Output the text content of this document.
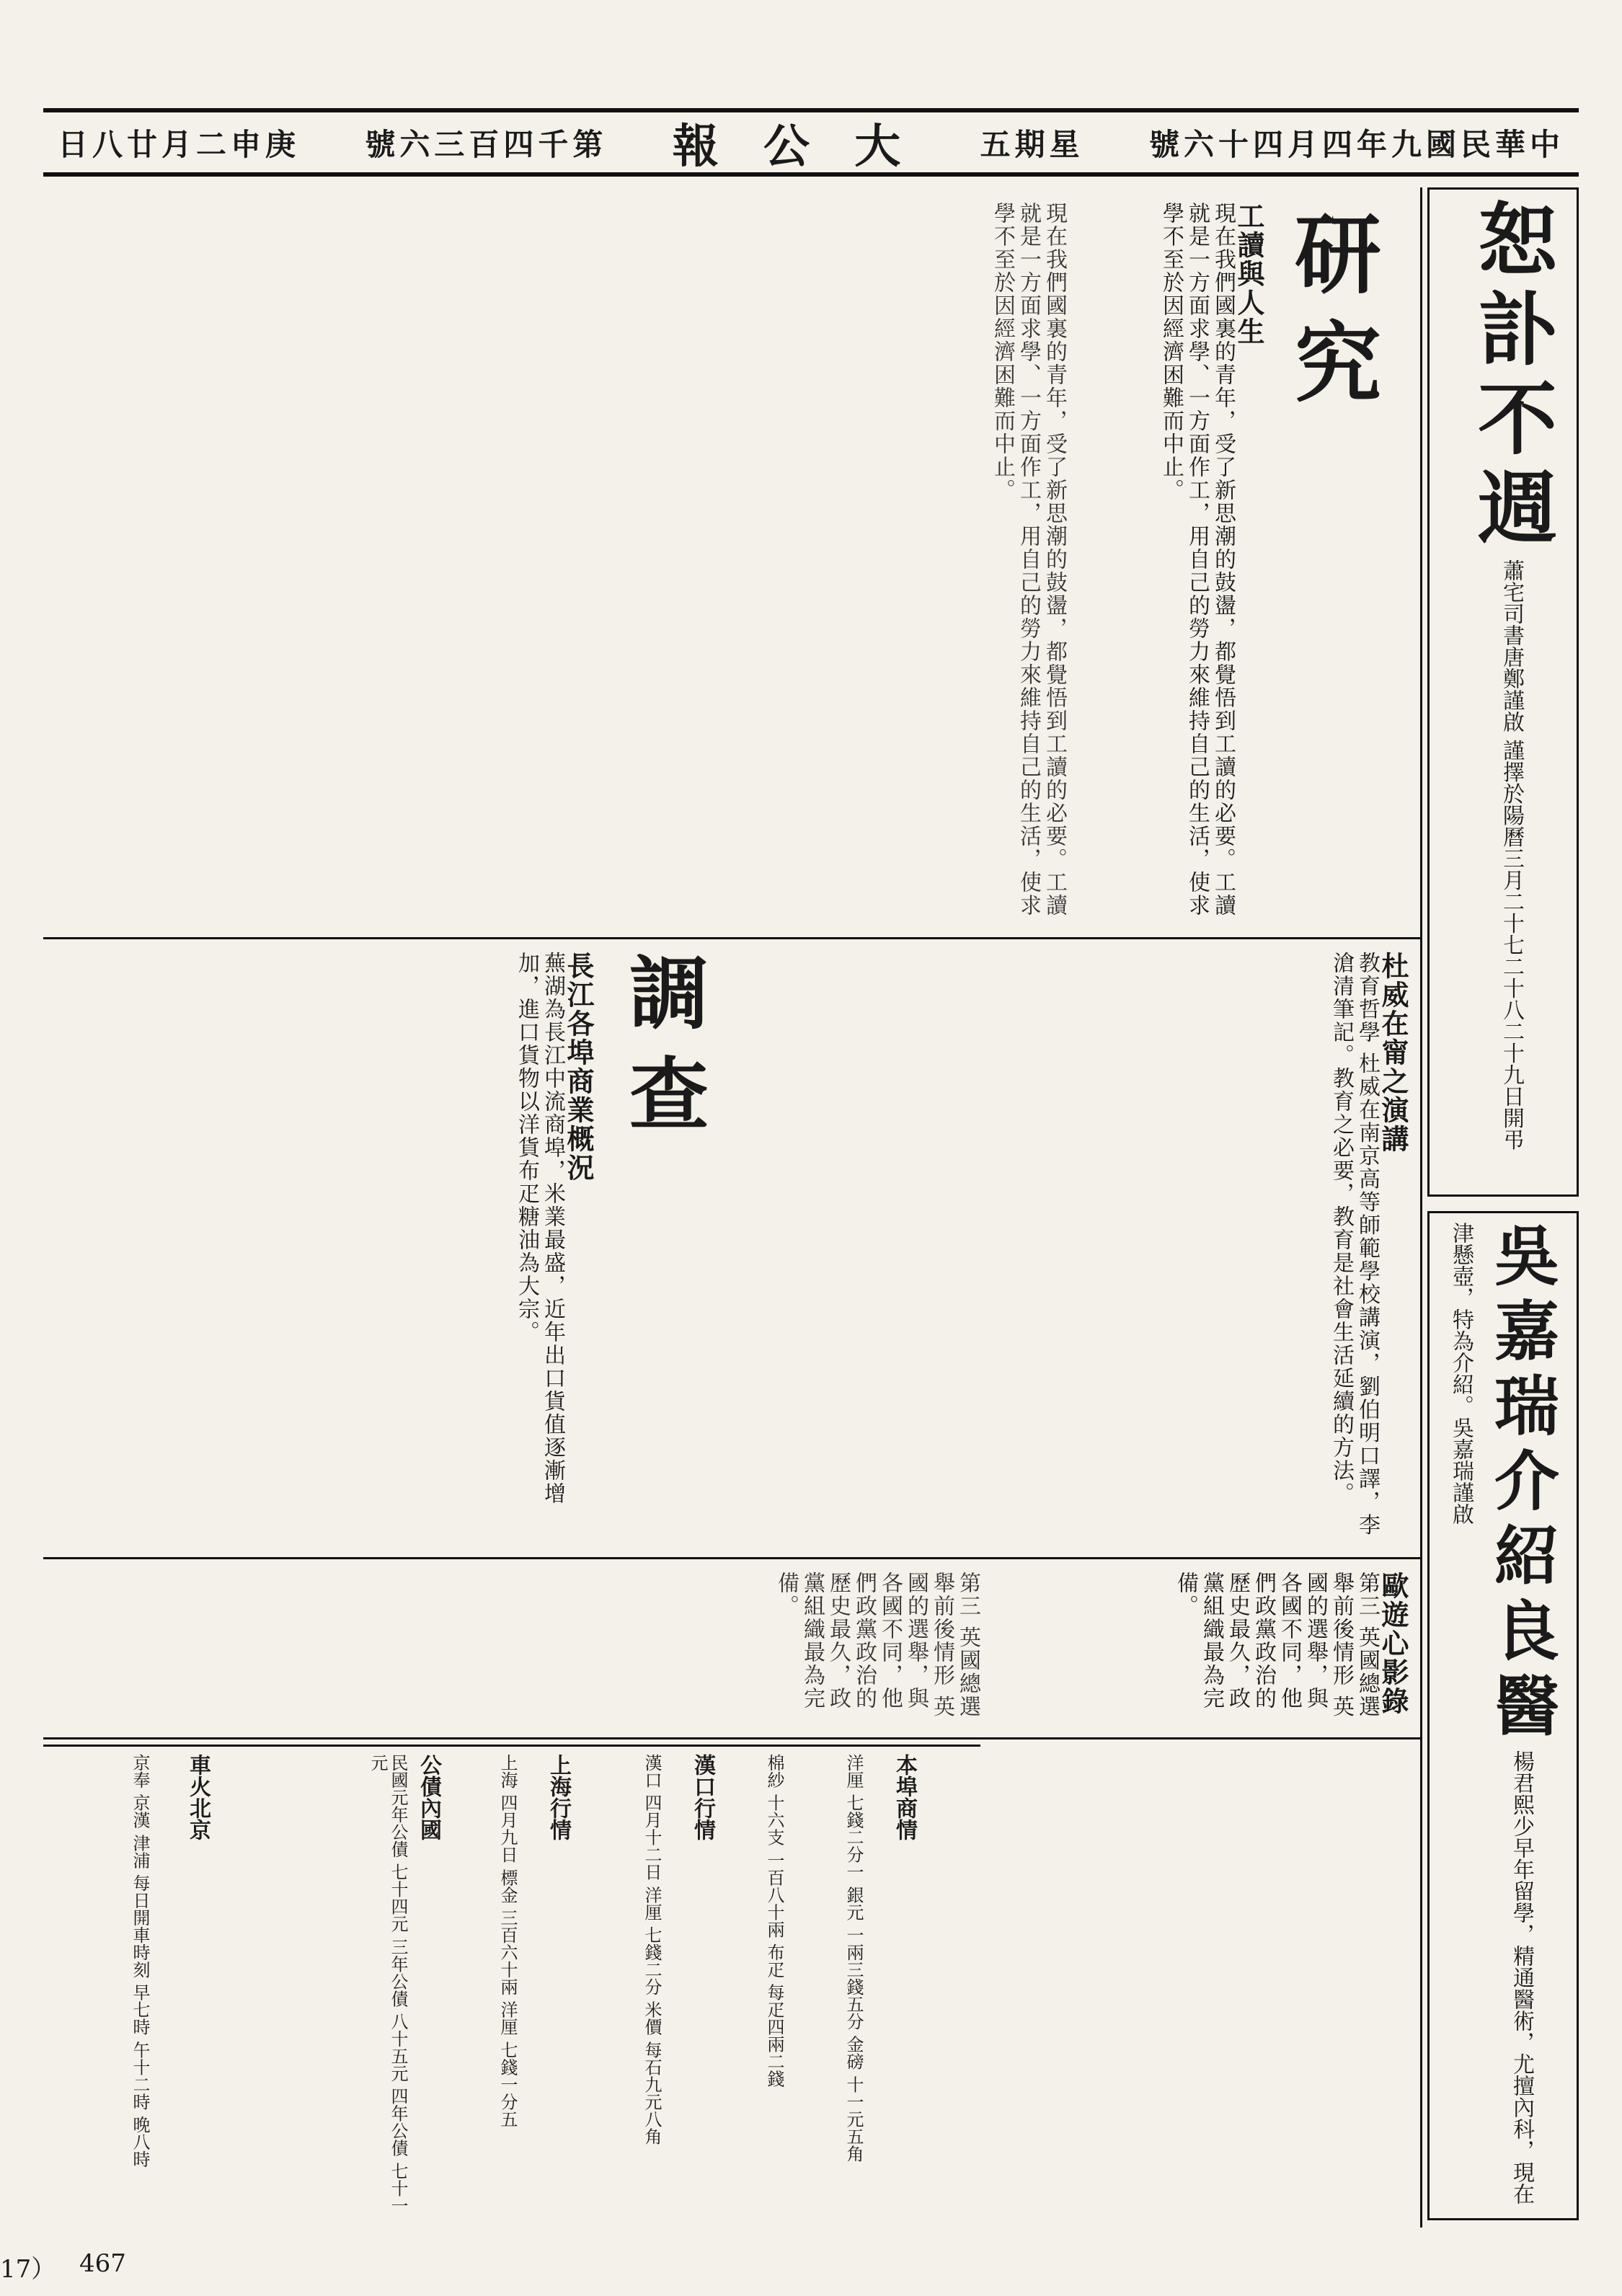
日八廿月二申庚 號六三百四千第 報 公 大 五期星 號六十四月四年九國民華中
研究
工讀與人生
現在我們國裏的青年，受了新思潮的鼓盪，都覺悟到工讀的必要。工讀就是一方面求學、一方面作工，用自己的勞力來維持自己的生活，使求學不至於因經濟困難而中止。
現在我們國裏的青年，受了新思潮的鼓盪，都覺悟到工讀的必要。工讀就是一方面求學、一方面作工，用自己的勞力來維持自己的生活，使求學不至於因經濟困難而中止。
杜威在甯之演講
教育哲學 杜威在南京高等師範學校講演，劉伯明口譯，李滄清筆記。教育之必要，教育是社會生活延續的方法。
調查
長江各埠商業概況
蕪湖為長江中流商埠，米業最盛，近年出口貨值逐漸增加，進口貨物以洋貨布疋糖油為大宗。
歐遊心影錄
第三 英國總選舉前後情形 英國的選舉，與各國不同，他們政黨政治的歷史最久，政黨組織最為完備。
第三 英國總選舉前後情形 英國的選舉，與各國不同，他們政黨政治的歷史最久，政黨組織最為完備。
本埠商情
洋厘 七錢二分一 銀元 一兩三錢五分 金磅 十一元五角
棉紗 十六支 一百八十兩 布疋 每疋四兩二錢
漢口行情
漢口 四月十二日 洋厘 七錢二分 米價 每石九元八角
上海行情
上海 四月九日 標金 三百六十兩 洋厘 七錢一分五
公債內國
民國元年公債 七十四元 三年公債 八十五元 四年公債 七十一元
車火北京
京奉 京漢 津浦 每日開車時刻 早七時 午十二時 晚八時
恕訃不週 蕭宅司書唐鄭謹啟 謹擇於陽曆三月二十七二十八二十九日開弔
吳嘉瑞介紹良醫 楊君熙少早年留學，精通醫術，尤擅內科，現在津懸壺，特為介紹。吳嘉瑞謹啟
17） 467
